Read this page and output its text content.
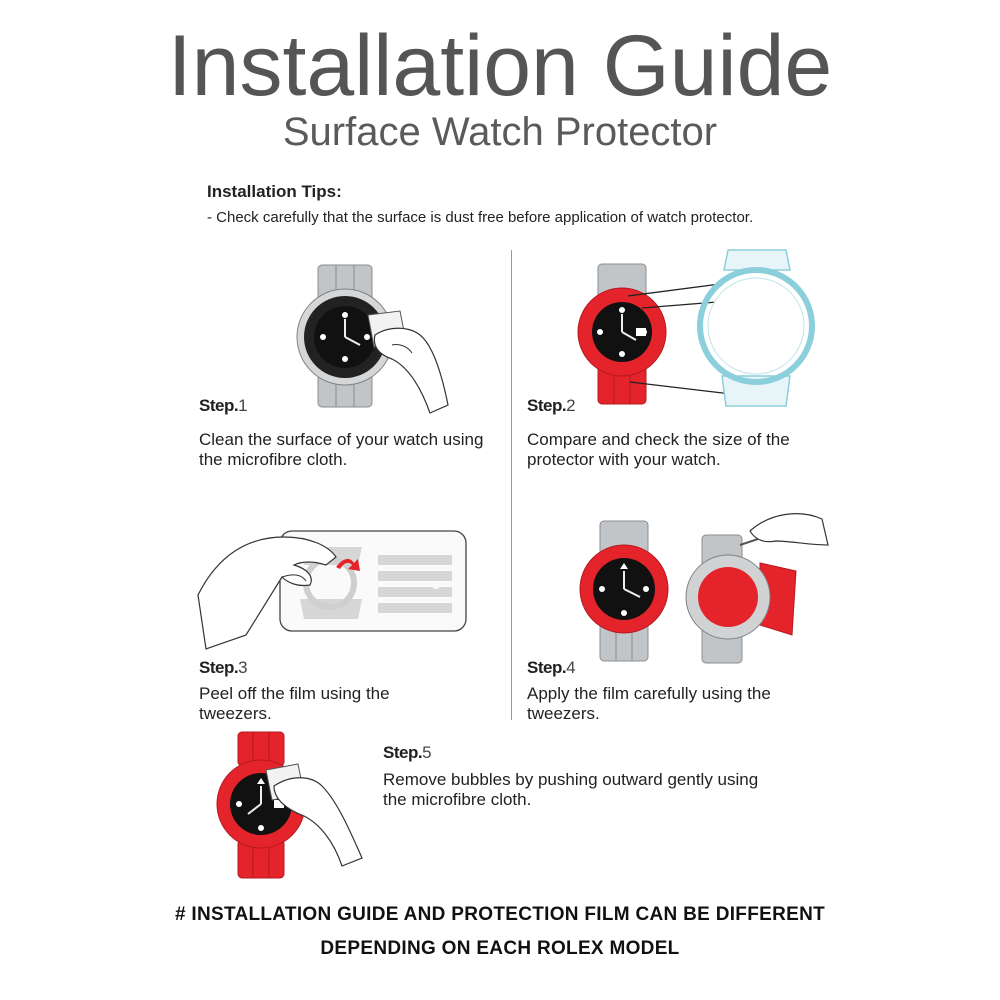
Installation Guide
Surface Watch Protector
Installation Tips:
- Check carefully that the surface is dust free before application of watch protector.
Step.1
Clean the surface of your watch using the microfibre cloth.
Step.2
Compare and check the size of the protector with your watch.
Step.3
Peel off the film using the tweezers.
Step.4
Apply the film carefully using the tweezers.
Step.5
Remove bubbles by pushing outward gently using the microfibre cloth.
# INSTALLATION GUIDE AND PROTECTION FILM CAN BE DIFFERENT
DEPENDING ON EACH ROLEX MODEL
